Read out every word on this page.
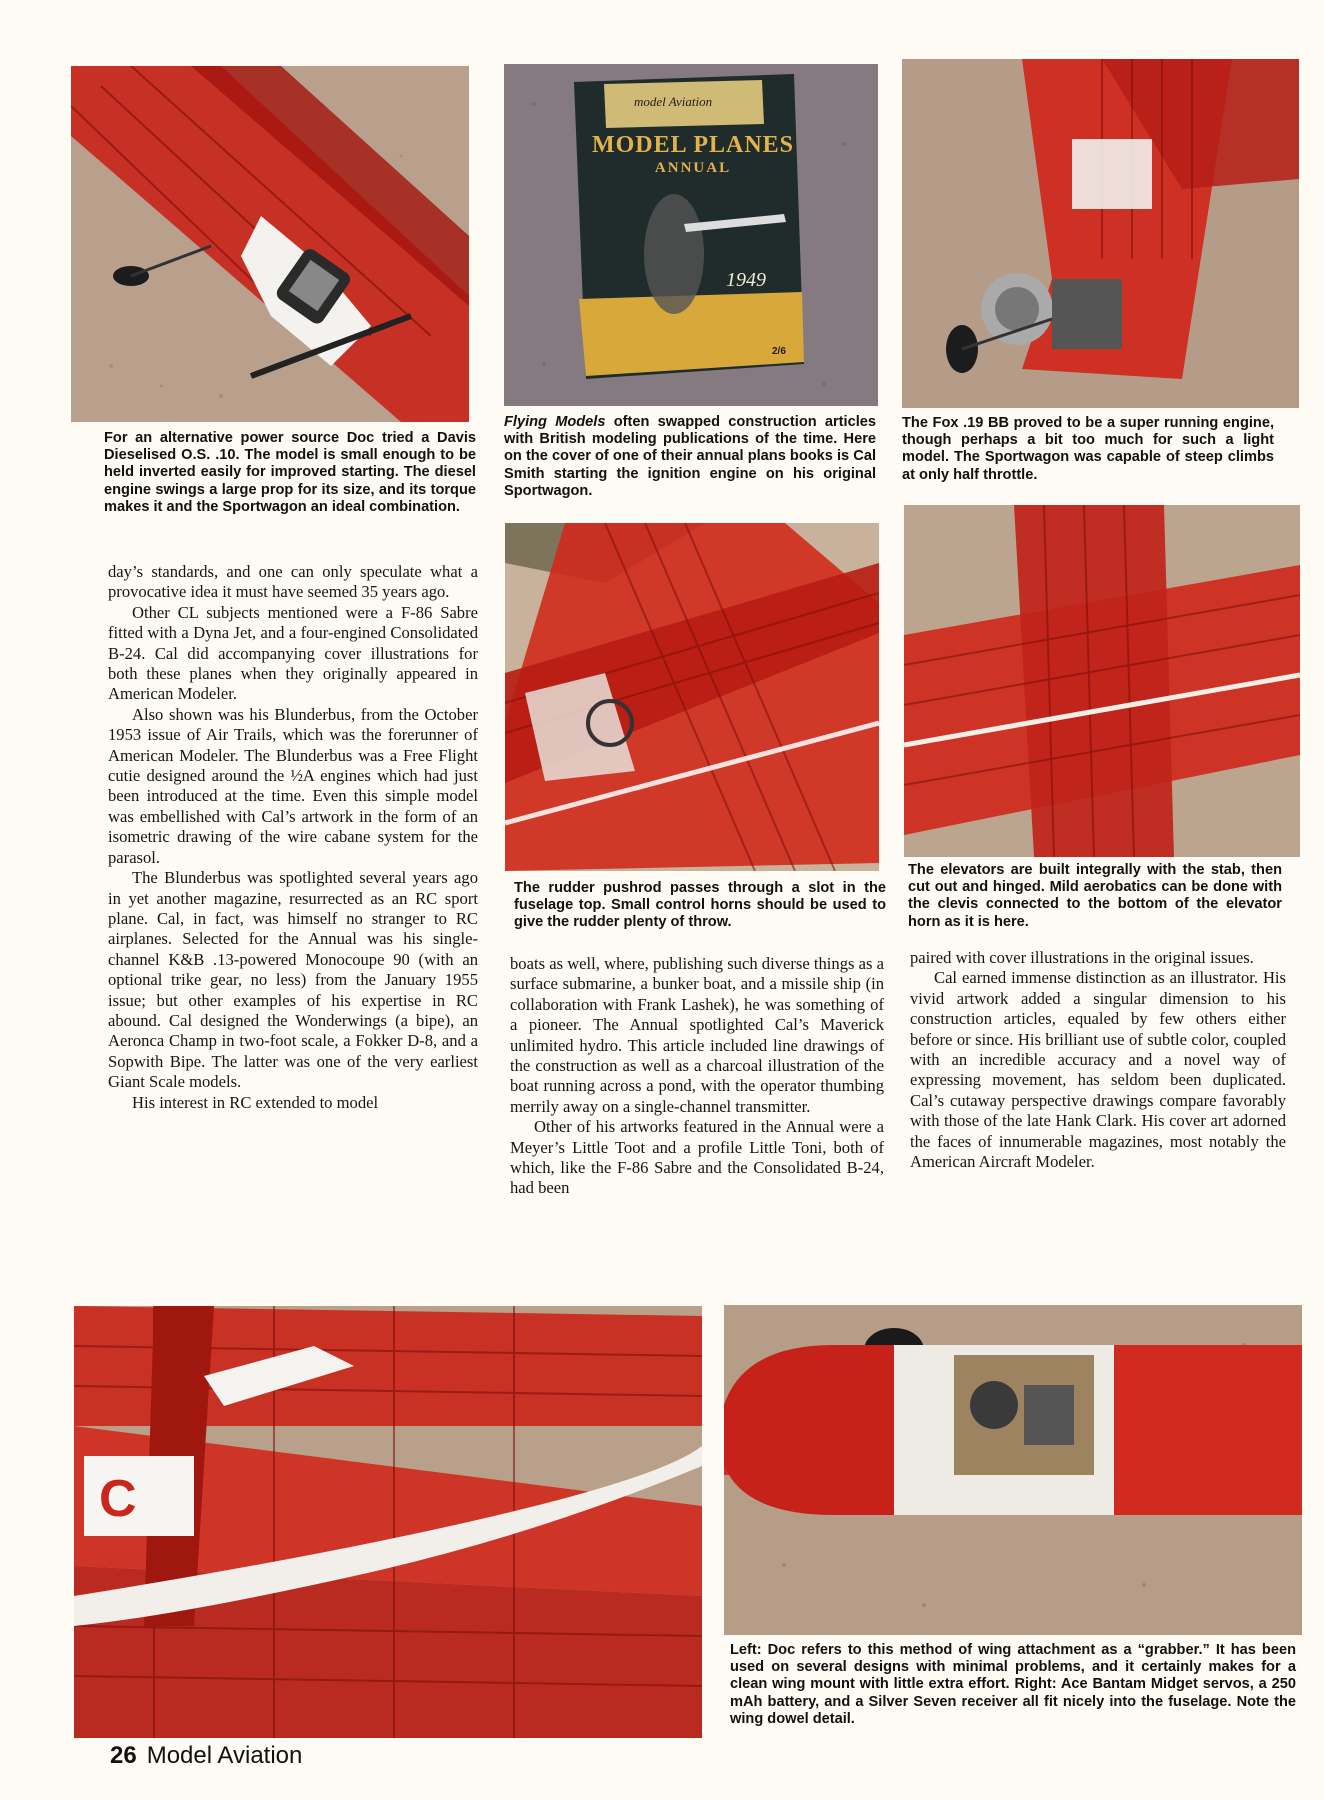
model Aviation
MODEL PLANES
ANNUAL
1949
2/6
C

For an alternative power source Doc tried a Davis Dieselised O.S. .10. The model is small enough to be held inverted easily for improved starting. The diesel engine swings a large prop for its size, and its torque makes it and the Sportwagon an ideal combination.

Flying Models often swapped construction articles with British modeling publications of the time. Here on the cover of one of their annual plans books is Cal Smith starting the ignition engine on his original Sportwagon.

The Fox .19 BB proved to be a super running engine, though perhaps a bit too much for such a light model. The Sportwagon was capable of steep climbs at only half throttle.

The rudder pushrod passes through a slot in the fuselage top. Small control horns should be used to give the rudder plenty of throw.

The elevators are built integrally with the stab, then cut out and hinged. Mild aerobatics can be done with the clevis connected to the bottom of the elevator horn as it is here.

Left: Doc refers to this method of wing attachment as a “grabber.” It has been used on several designs with minimal problems, and it certainly makes for a clean wing mount with little extra effort. Right: Ace Bantam Midget servos, a 250 mAh battery, and a Silver Seven receiver all fit nicely into the fuselage. Note the wing dowel detail.

day’s standards, and one can only speculate what a provocative idea it must have seemed 35 years ago.

Other CL subjects mentioned were a F-86 Sabre fitted with a Dyna Jet, and a four-engined Consolidated B-24. Cal did accompanying cover illustrations for both these planes when they originally appeared in American Modeler.

Also shown was his Blunderbus, from the October 1953 issue of Air Trails, which was the forerunner of American Modeler. The Blunderbus was a Free Flight cutie designed around the ½A engines which had just been introduced at the time. Even this simple model was embellished with Cal’s artwork in the form of an isometric drawing of the wire cabane system for the parasol.

The Blunderbus was spotlighted several years ago in yet another magazine, resurrected as an RC sport plane. Cal, in fact, was himself no stranger to RC airplanes. Selected for the Annual was his single-channel K&B .13-powered Monocoupe 90 (with an optional trike gear, no less) from the January 1955 issue; but other examples of his expertise in RC abound. Cal designed the Wonderwings (a bipe), an Aeronca Champ in two-foot scale, a Fokker D-8, and a Sopwith Bipe. The latter was one of the very earliest Giant Scale models.

His interest in RC extended to model

boats as well, where, publishing such diverse things as a surface submarine, a bunker boat, and a missile ship (in collaboration with Frank Lashek), he was something of a pioneer. The Annual spotlighted Cal’s Maverick unlimited hydro. This article included line drawings of the construction as well as a charcoal illustration of the boat running across a pond, with the operator thumbing merrily away on a single-channel transmitter.

Other of his artworks featured in the Annual were a Meyer’s Little Toot and a profile Little Toni, both of which, like the F-86 Sabre and the Consolidated B-24, had been

paired with cover illustrations in the original issues.

Cal earned immense distinction as an illustrator. His vivid artwork added a singular dimension to his construction articles, equaled by few others either before or since. His brilliant use of subtle color, coupled with an incredible accuracy and a novel way of expressing movement, has seldom been duplicated. Cal’s cutaway perspective drawings compare favorably with those of the late Hank Clark. His cover art adorned the faces of innumerable magazines, most notably the American Aircraft Modeler.

26 Model Aviation
